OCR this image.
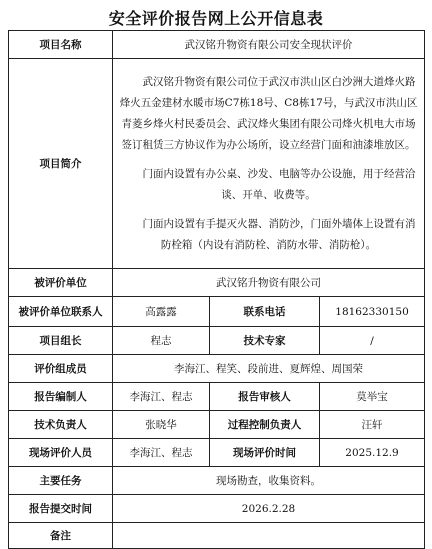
安全评价报告网上公开信息表
项目名称	武汉铭升物资有限公司安全现状评价		
项目简介	武汉铭升物资有限公司位于武汉市洪山区白沙洲大道烽火路烽火五金建材水暖市场C7栋18号、C8栋17号，与武汉市洪山区青菱乡烽火村民委员会、武汉烽火集团有限公司烽火机电大市场签订租赁三方协议作为办公场所，设立经营门面和油漆堆放区。

门面内设置有办公桌、沙发、电脑等办公设施，用于经营洽谈、开单、收费等。

门面内设置有手提灭火器、消防沙，门面外墙体上设置有消防栓箱（内设有消防栓、消防水带、消防枪）。		

被评价单位	武汉铭升物资有限公司		
被评价单位联系人	高露露	联系电话	18162330150
项目组长	程志	技术专家	/
评价组成员	李海江、程笑、段前进、夏辉煌、周国荣		
报告编制人	李海江、程志	报告审核人	莫举宝
技术负责人	张晓华	过程控制负责人	汪轩
现场评价人员	李海江、程志	现场评价时间	2025.12.9
主要任务	现场勘查，收集资料。		
报告提交时间	2026.2.28		
备注			
